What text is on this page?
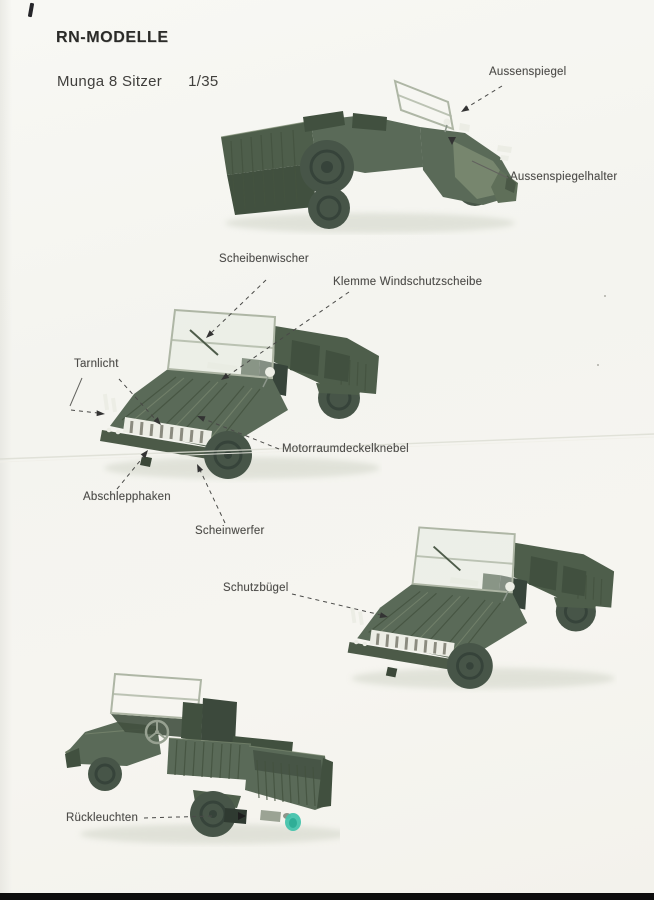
RN-MODELLE
Munga 8 Sitzer 1/35
Aussenspiegel
Aussenspiegelhalter
Scheibenwischer
Klemme Windschutzscheibe
Tarnlicht
Motorraumdeckelknebel
Abschlepphaken
Scheinwerfer
Schutzbügel
Rückleuchten
